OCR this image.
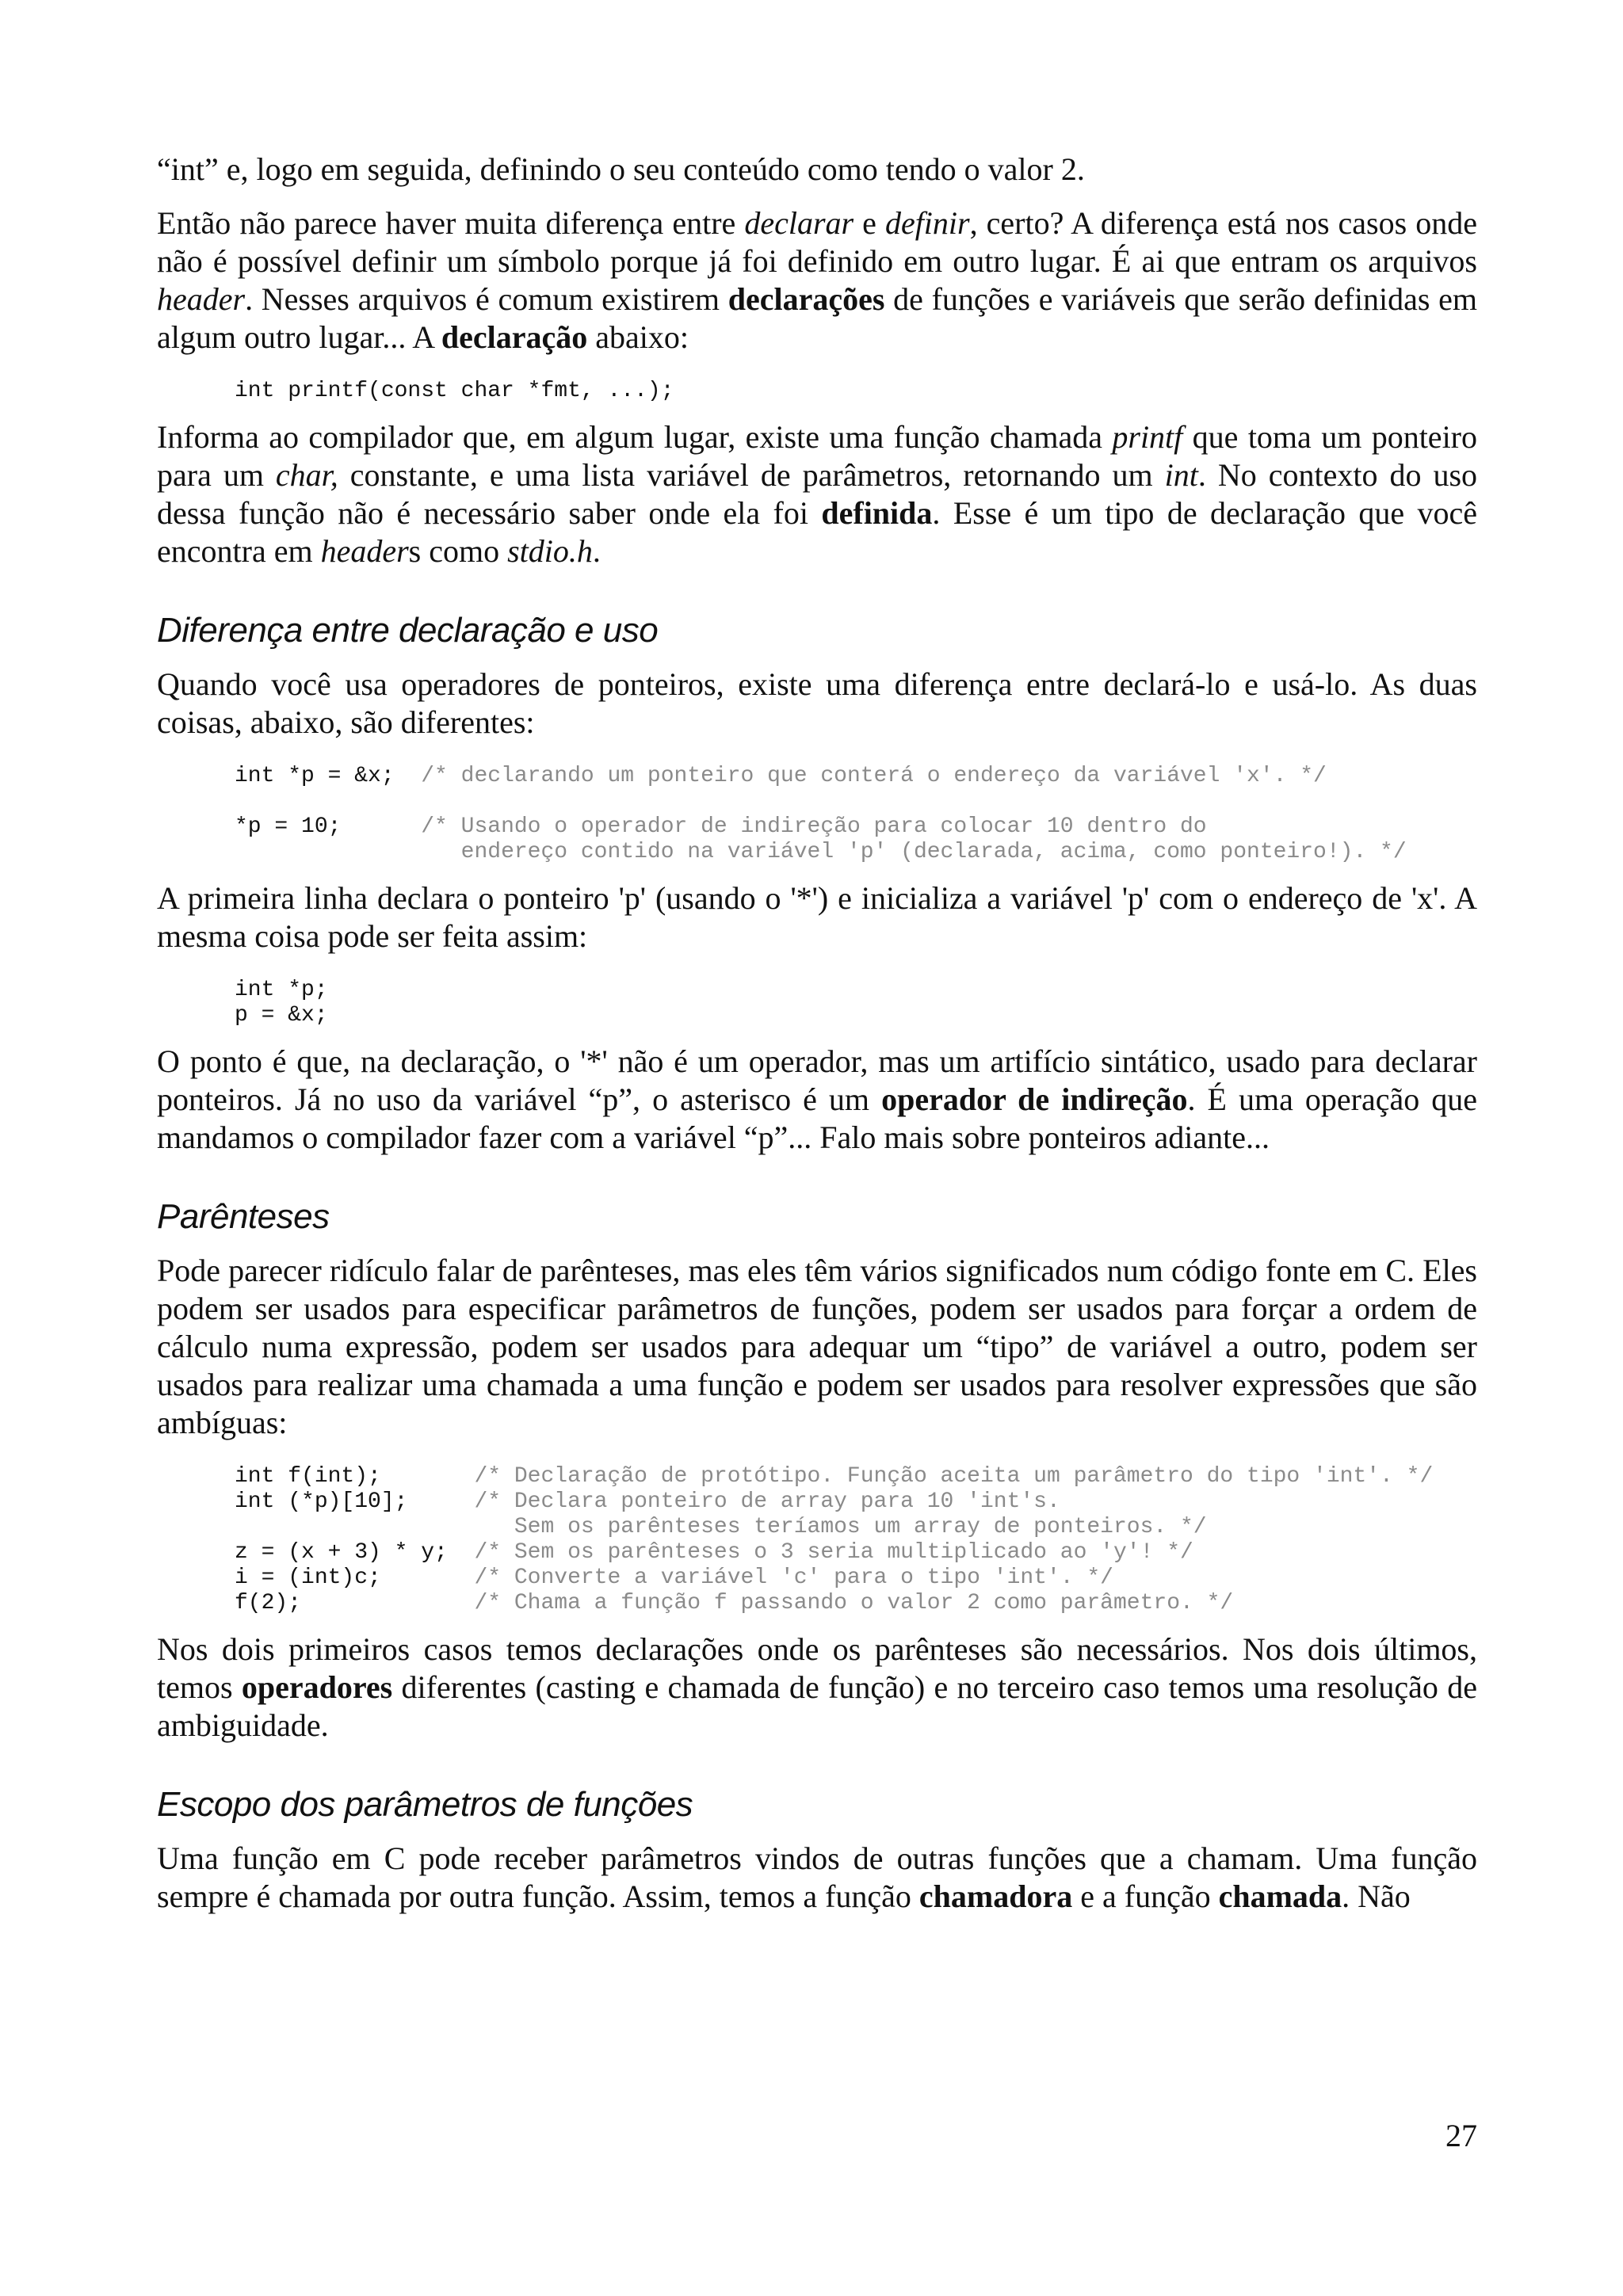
“int” e, logo em seguida, definindo o seu conteúdo como tendo o valor 2.

Então não parece haver muita diferença entre declarar e definir, certo? A diferença está nos casos onde não é possível definir um símbolo porque já foi definido em outro lugar. É ai que entram os arquivos header. Nesses arquivos é comum existirem declarações de funções e variáveis que serão definidas em algum outro lugar... A declaração abaixo:

int printf(const char *fmt, ...);

Informa ao compilador que, em algum lugar, existe uma função chamada printf que toma um ponteiro para um char, constante, e uma lista variável de parâmetros, retornando um int. No contexto do uso dessa função não é necessário saber onde ela foi definida. Esse é um tipo de declaração que você encontra em headers como stdio.h.

Diferença entre declaração e uso

Quando você usa operadores de ponteiros, existe uma diferença entre declará-lo e usá-lo. As duas coisas, abaixo, são diferentes:

int *p = &x;  /* declarando um ponteiro que conterá o endereço da variável 'x'. */

*p = 10;      /* Usando o operador de indireção para colocar 10 dentro do
endereço contido na variável 'p' (declarada, acima, como ponteiro!). */

A primeira linha declara o ponteiro 'p' (usando o '*') e inicializa a variável 'p' com o endereço de 'x'. A mesma coisa pode ser feita assim:

int *p;
p = &x;

O ponto é que, na declaração, o '*' não é um operador, mas um artifício sintático, usado para declarar ponteiros. Já no uso da variável “p”, o asterisco é um operador de indireção. É uma operação que mandamos o compilador fazer com a variável “p”... Falo mais sobre ponteiros adiante...

Parênteses

Pode parecer ridículo falar de parênteses, mas eles têm vários significados num código fonte em C. Eles podem ser usados para especificar parâmetros de funções, podem ser usados para forçar a ordem de cálculo numa expressão, podem ser usados para adequar um “tipo” de variável a outro, podem ser usados para realizar uma chamada a uma função e podem ser usados para resolver expressões que são ambíguas:

int f(int);       /* Declaração de protótipo. Função aceita um parâmetro do tipo 'int'. */
int (*p)[10];     /* Declara ponteiro de array para 10 'int's.
Sem os parênteses teríamos um array de ponteiros. */
z = (x + 3) * y;  /* Sem os parênteses o 3 seria multiplicado ao 'y'! */
i = (int)c;       /* Converte a variável 'c' para o tipo 'int'. */
f(2);             /* Chama a função f passando o valor 2 como parâmetro. */

Nos dois primeiros casos temos declarações onde os parênteses são necessários. Nos dois últimos, temos operadores diferentes (casting e chamada de função) e no terceiro caso temos uma resolução de ambiguidade.

Escopo dos parâmetros de funções

Uma função em C pode receber parâmetros vindos de outras funções que a chamam. Uma função sempre é chamada por outra função. Assim, temos a função chamadora e a função chamada. Não

27
